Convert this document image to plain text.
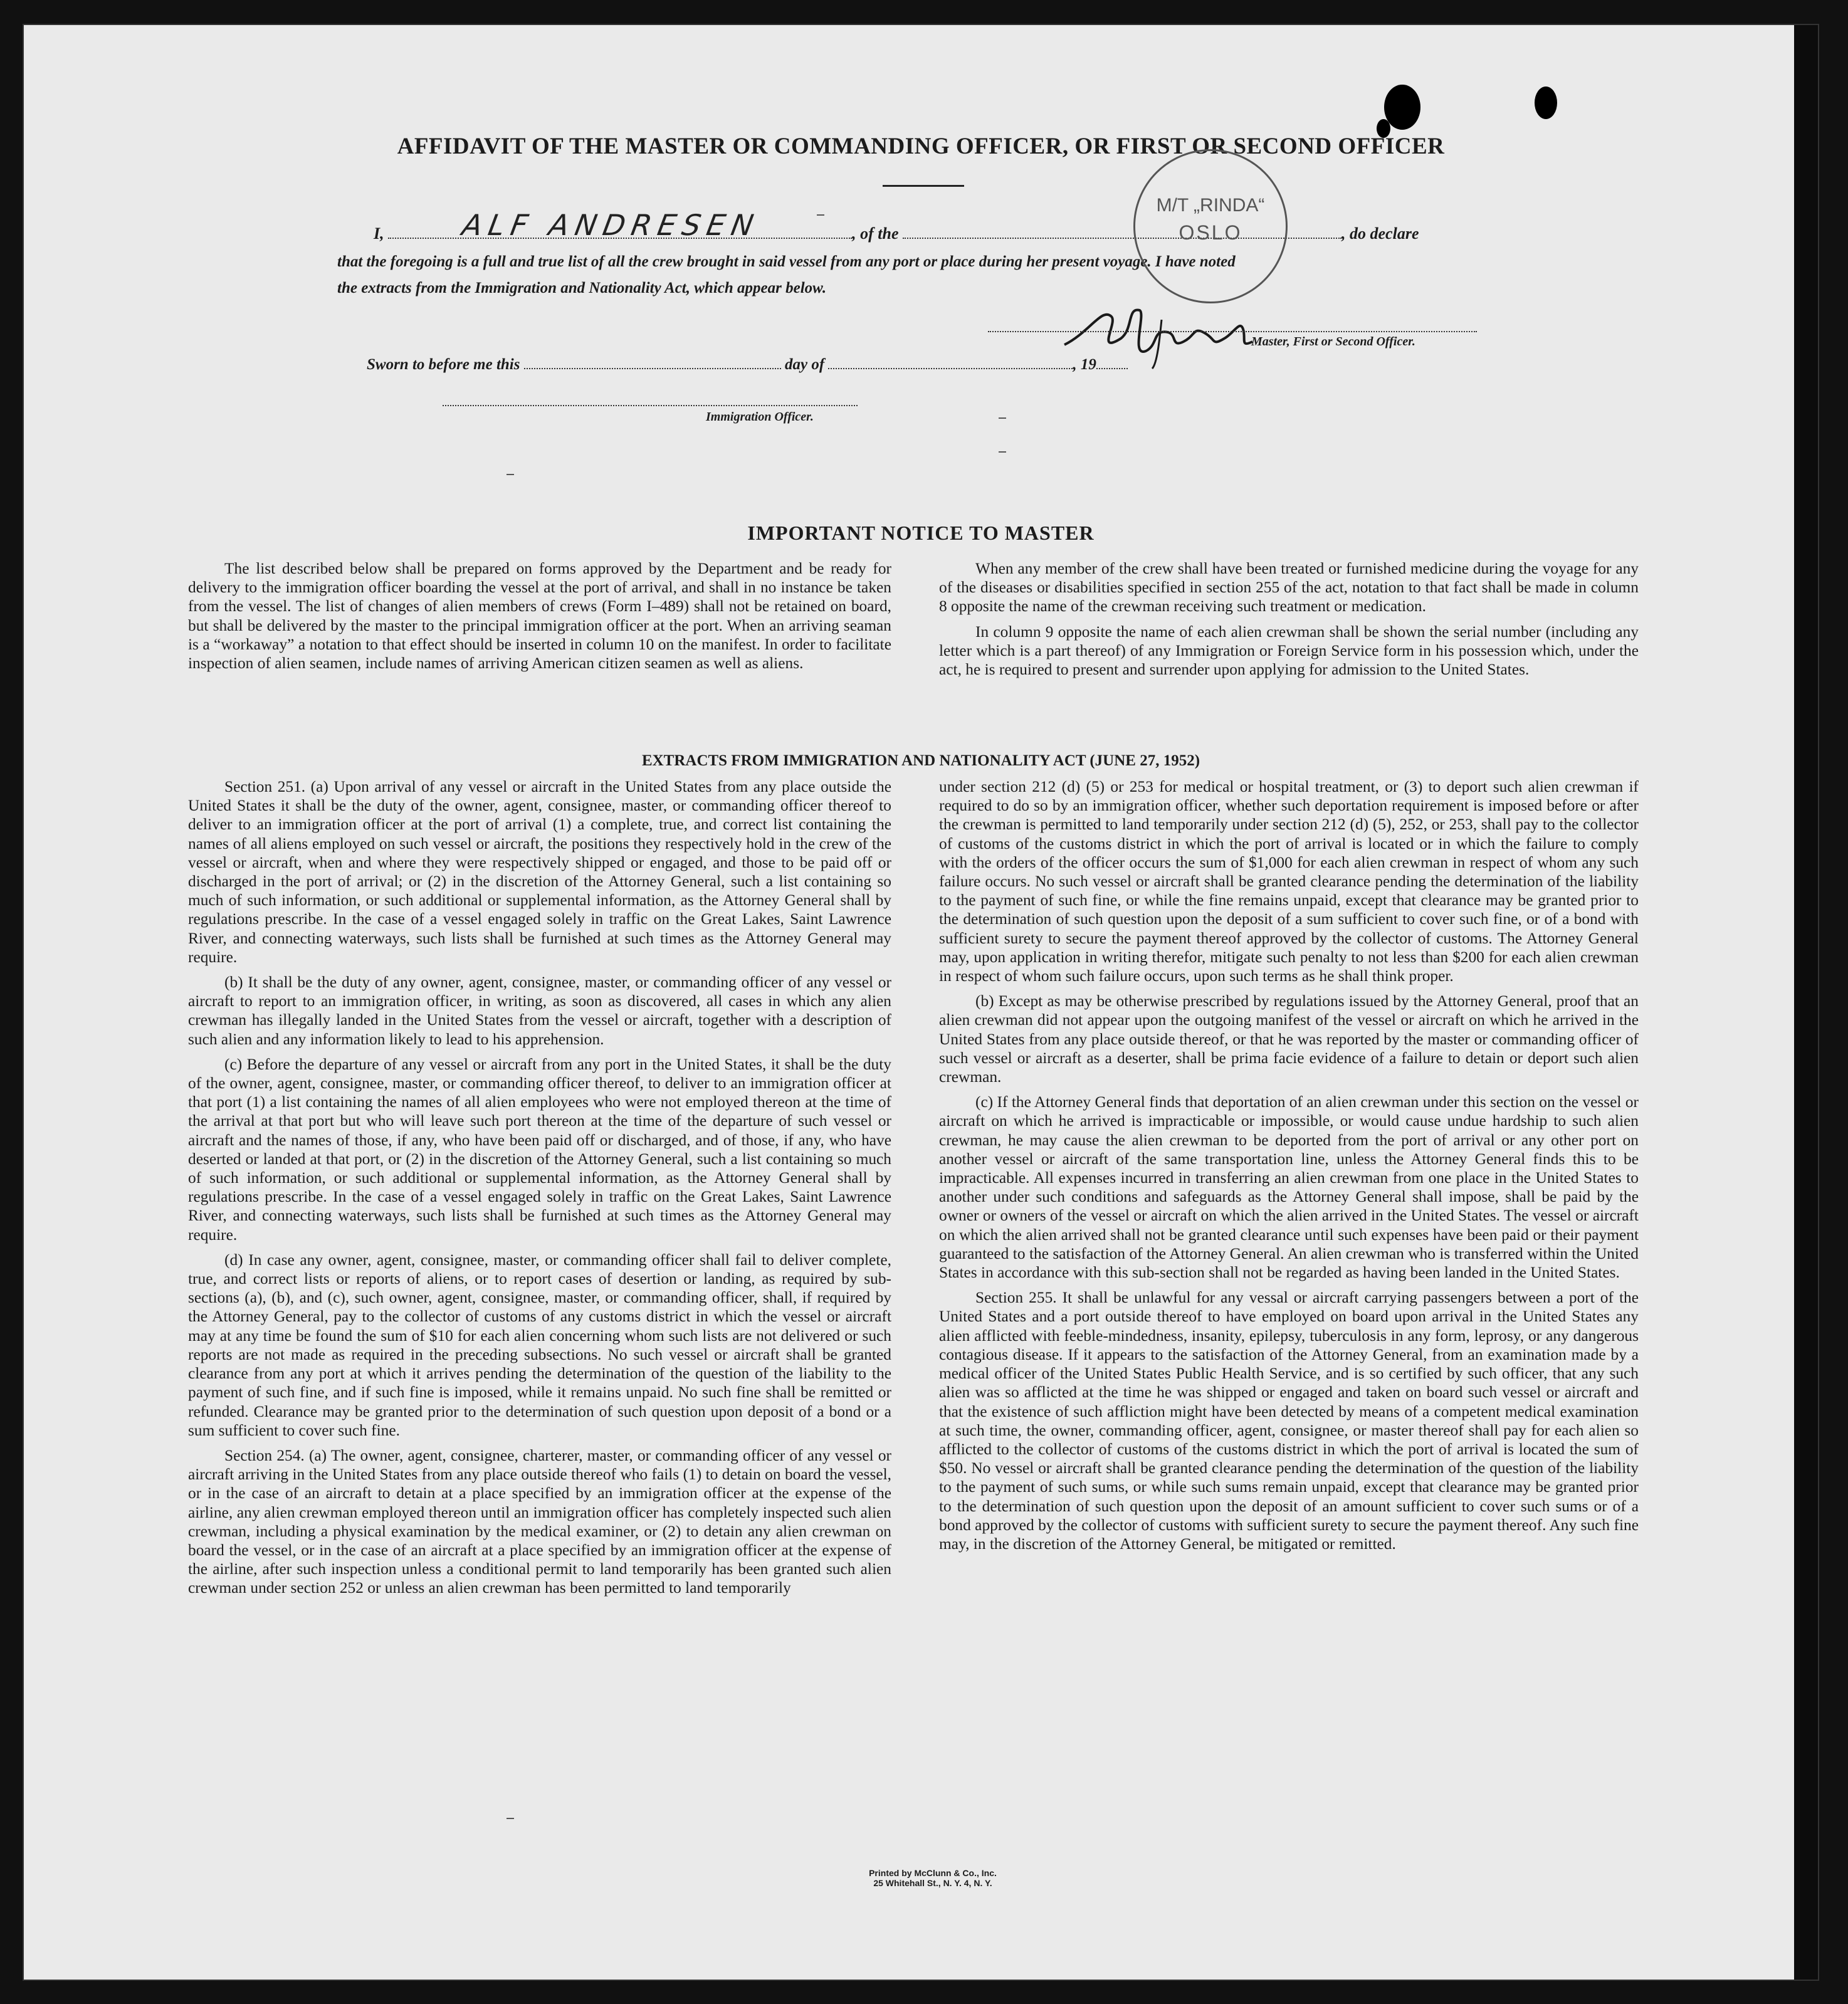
AFFIDAVIT OF THE MASTER OR COMMANDING OFFICER, OR FIRST OR SECOND OFFICER
I,	, of the	, do declare
ALF ANDRESEN
that the foregoing is a full and true list of all the crew brought in said vessel from any port or place during her present voyage. I have noted
the extracts from the Immigration and Nationality Act, which appear below.
M/T „RINDA“
OSLO
Master, First or Second Officer.
Sworn to before me this	day of	, 19
Immigration Officer.
IMPORTANT NOTICE TO MASTER

The list described below shall be prepared on forms approved by the Department and be ready for delivery to the immigration officer boarding the vessel at the port of arrival, and shall in no instance be taken from the vessel. The list of changes of alien members of crews (Form I–489) shall not be retained on board, but shall be delivered by the master to the principal immigration officer at the port. When an arriving seaman is a “workaway” a notation to that effect should be inserted in column 10 on the manifest. In order to facilitate inspection of alien seamen, include names of arriving American citizen seamen as well as aliens.

When any member of the crew shall have been treated or furnished medicine during the voyage for any of the diseases or disabilities specified in section 255 of the act, notation to that fact shall be made in column 8 opposite the name of the crewman receiving such treatment or medication.

In column 9 opposite the name of each alien crewman shall be shown the serial number (including any letter which is a part thereof) of any Immigration or Foreign Service form in his possession which, under the act, he is required to present and surrender upon applying for admission to the United States.

EXTRACTS FROM IMMIGRATION AND NATIONALITY ACT (JUNE 27, 1952)

Section 251. (a) Upon arrival of any vessel or aircraft in the United States from any place outside the United States it shall be the duty of the owner, agent, consignee, master, or commanding officer thereof to deliver to an immigration officer at the port of arrival (1) a complete, true, and correct list containing the names of all aliens employed on such vessel or aircraft, the positions they respectively hold in the crew of the vessel or aircraft, when and where they were respectively shipped or engaged, and those to be paid off or discharged in the port of arrival; or (2) in the discretion of the Attorney General, such a list containing so much of such information, or such additional or supplemental information, as the Attorney General shall by regulations prescribe. In the case of a vessel engaged solely in traffic on the Great Lakes, Saint Lawrence River, and connecting waterways, such lists shall be furnished at such times as the Attorney General may require.

(b) It shall be the duty of any owner, agent, consignee, master, or commanding officer of any vessel or aircraft to report to an immigration officer, in writing, as soon as discovered, all cases in which any alien crewman has illegally landed in the United States from the vessel or aircraft, together with a description of such alien and any information likely to lead to his apprehension.

(c) Before the departure of any vessel or aircraft from any port in the United States, it shall be the duty of the owner, agent, consignee, master, or commanding officer thereof, to deliver to an immigration officer at that port (1) a list containing the names of all alien employees who were not employed thereon at the time of the arrival at that port but who will leave such port thereon at the time of the departure of such vessel or aircraft and the names of those, if any, who have been paid off or discharged, and of those, if any, who have deserted or landed at that port, or (2) in the discretion of the Attorney General, such a list containing so much of such information, or such additional or supplemental information, as the Attorney General shall by regulations prescribe. In the case of a vessel engaged solely in traffic on the Great Lakes, Saint Lawrence River, and connecting waterways, such lists shall be furnished at such times as the Attorney General may require.

(d) In case any owner, agent, consignee, master, or commanding officer shall fail to deliver complete, true, and correct lists or reports of aliens, or to report cases of desertion or landing, as required by sub-sections (a), (b), and (c), such owner, agent, consignee, master, or commanding officer, shall, if required by the Attorney General, pay to the collector of customs of any customs district in which the vessel or aircraft may at any time be found the sum of $10 for each alien concerning whom such lists are not delivered or such reports are not made as required in the preceding subsections. No such vessel or aircraft shall be granted clearance from any port at which it arrives pending the determination of the question of the liability to the payment of such fine, and if such fine is imposed, while it remains unpaid. No such fine shall be remitted or refunded. Clearance may be granted prior to the determination of such question upon deposit of a bond or a sum sufficient to cover such fine.

Section 254. (a) The owner, agent, consignee, charterer, master, or commanding officer of any vessel or aircraft arriving in the United States from any place outside thereof who fails (1) to detain on board the vessel, or in the case of an aircraft to detain at a place specified by an immigration officer at the expense of the airline, any alien crewman employed thereon until an immigration officer has completely inspected such alien crewman, including a physical examination by the medical examiner, or (2) to detain any alien crewman on board the vessel, or in the case of an aircraft at a place specified by an immigration officer at the expense of the airline, after such inspection unless a conditional permit to land temporarily has been granted such alien crewman under section 252 or unless an alien crewman has been permitted to land temporarily

under section 212 (d) (5) or 253 for medical or hospital treatment, or (3) to deport such alien crewman if required to do so by an immigration officer, whether such deportation requirement is imposed before or after the crewman is permitted to land temporarily under section 212 (d) (5), 252, or 253, shall pay to the collector of customs of the customs district in which the port of arrival is located or in which the failure to comply with the orders of the officer occurs the sum of $1,000 for each alien crewman in respect of whom any such failure occurs. No such vessel or aircraft shall be granted clearance pending the determination of the liability to the payment of such fine, or while the fine remains unpaid, except that clearance may be granted prior to the determination of such question upon the deposit of a sum sufficient to cover such fine, or of a bond with sufficient surety to secure the payment thereof approved by the collector of customs. The Attorney General may, upon application in writing therefor, mitigate such penalty to not less than $200 for each alien crewman in respect of whom such failure occurs, upon such terms as he shall think proper.

(b) Except as may be otherwise prescribed by regulations issued by the Attorney General, proof that an alien crewman did not appear upon the outgoing manifest of the vessel or aircraft on which he arrived in the United States from any place outside thereof, or that he was reported by the master or commanding officer of such vessel or aircraft as a deserter, shall be prima facie evidence of a failure to detain or deport such alien crewman.

(c) If the Attorney General finds that deportation of an alien crewman under this section on the vessel or aircraft on which he arrived is impracticable or impossible, or would cause undue hardship to such alien crewman, he may cause the alien crewman to be deported from the port of arrival or any other port on another vessel or aircraft of the same transportation line, unless the Attorney General finds this to be impracticable. All expenses incurred in transferring an alien crewman from one place in the United States to another under such conditions and safeguards as the Attorney General shall impose, shall be paid by the owner or owners of the vessel or aircraft on which the alien arrived in the United States. The vessel or aircraft on which the alien arrived shall not be granted clearance until such expenses have been paid or their payment guaranteed to the satisfaction of the Attorney General. An alien crewman who is transferred within the United States in accordance with this sub-section shall not be regarded as having been landed in the United States.

Section 255. It shall be unlawful for any vessal or aircraft carrying passengers between a port of the United States and a port outside thereof to have employed on board upon arrival in the United States any alien afflicted with feeble-mindedness, insanity, epilepsy, tuberculosis in any form, leprosy, or any dangerous contagious disease. If it appears to the satisfaction of the Attorney General, from an examination made by a medical officer of the United States Public Health Service, and is so certified by such officer, that any such alien was so afflicted at the time he was shipped or engaged and taken on board such vessel or aircraft and that the existence of such affliction might have been detected by means of a competent medical examination at such time, the owner, commanding officer, agent, consignee, or master thereof shall pay for each alien so afflicted to the collector of customs of the customs district in which the port of arrival is located the sum of $50. No vessel or aircraft shall be granted clearance pending the determination of the question of the liability to the payment of such sums, or while such sums remain unpaid, except that clearance may be granted prior to the determination of such question upon the deposit of an amount sufficient to cover such sums or of a bond approved by the collector of customs with sufficient surety to secure the payment thereof. Any such fine may, in the discretion of the Attorney General, be mitigated or remitted.

Printed by McClunn & Co., Inc.
25 Whitehall St., N. Y. 4, N. Y.
